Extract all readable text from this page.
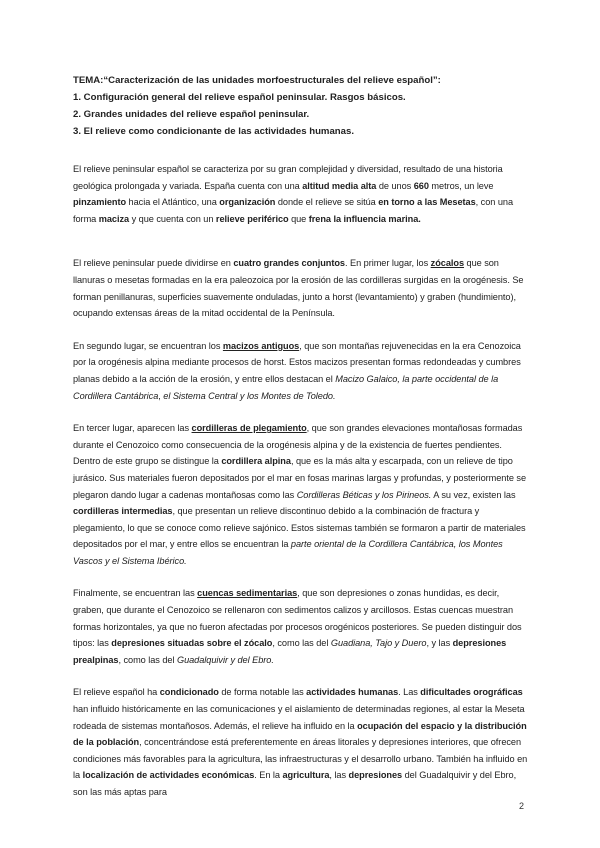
TEMA:“Caracterización de las unidades morfoestructurales del relieve español”:

1. Configuración general del relieve español peninsular. Rasgos básicos.

2. Grandes unidades del relieve español peninsular.

3. El relieve como condicionante de las actividades humanas.

El relieve peninsular español se caracteriza por su gran complejidad y diversidad, resultado de una historia geológica prolongada y variada. España cuenta con una altitud media alta de unos 660 metros, un leve pinzamiento hacia el Atlántico, una organización donde el relieve se sitúa en torno a las Mesetas, con una forma maciza y que cuenta con un relieve periférico que frena la influencia marina.

El relieve peninsular puede dividirse en cuatro grandes conjuntos. En primer lugar, los zócalos que son llanuras o mesetas formadas en la era paleozoica por la erosión de las cordilleras surgidas en la orogénesis. Se forman penillanuras, superficies suavemente onduladas, junto a horst (levantamiento) y graben (hundimiento), ocupando extensas áreas de la mitad occidental de la Península.

En segundo lugar, se encuentran los macizos antiguos, que son montañas rejuvenecidas en la era Cenozoica por la orogénesis alpina mediante procesos de horst. Estos macizos presentan formas redondeadas y cumbres planas debido a la acción de la erosión, y entre ellos destacan el Macizo Galaico, la parte occidental de la Cordillera Cantábrica, el Sistema Central y los Montes de Toledo.

En tercer lugar, aparecen las cordilleras de plegamiento, que son grandes elevaciones montañosas formadas durante el Cenozoico como consecuencia de la orogénesis alpina y de la existencia de fuertes pendientes. Dentro de este grupo se distingue la cordillera alpina, que es la más alta y escarpada, con un relieve de tipo jurásico. Sus materiales fueron depositados por el mar en fosas marinas largas y profundas, y posteriormente se plegaron dando lugar a cadenas montañosas como las Cordilleras Béticas y los Pirineos. A su vez, existen las cordilleras intermedias, que presentan un relieve discontinuo debido a la combinación de fractura y plegamiento, lo que se conoce como relieve sajónico. Estos sistemas también se formaron a partir de materiales depositados por el mar, y entre ellos se encuentran la parte oriental de la Cordillera Cantábrica, los Montes Vascos y el Sistema Ibérico.

Finalmente, se encuentran las cuencas sedimentarias, que son depresiones o zonas hundidas, es decir, graben, que durante el Cenozoico se rellenaron con sedimentos calizos y arcillosos. Estas cuencas muestran formas horizontales, ya que no fueron afectadas por procesos orogénicos posteriores. Se pueden distinguir dos tipos: las depresiones situadas sobre el zócalo, como las del Guadiana, Tajo y Duero, y las depresiones prealpinas, como las del Guadalquivir y del Ebro.

El relieve español ha condicionado de forma notable las actividades humanas. Las dificultades orográficas han influido históricamente en las comunicaciones y el aislamiento de determinadas regiones, al estar la Meseta rodeada de sistemas montañosos. Además, el relieve ha influido en la ocupación del espacio y la distribución de la población, concentrándose está preferentemente en áreas litorales y depresiones interiores, que ofrecen condiciones más favorables para la agricultura, las infraestructuras y el desarrollo urbano. También ha influido en la localización de actividades económicas. En la agricultura, las depresiones del Guadalquivir y del Ebro, son las más aptas para

2
